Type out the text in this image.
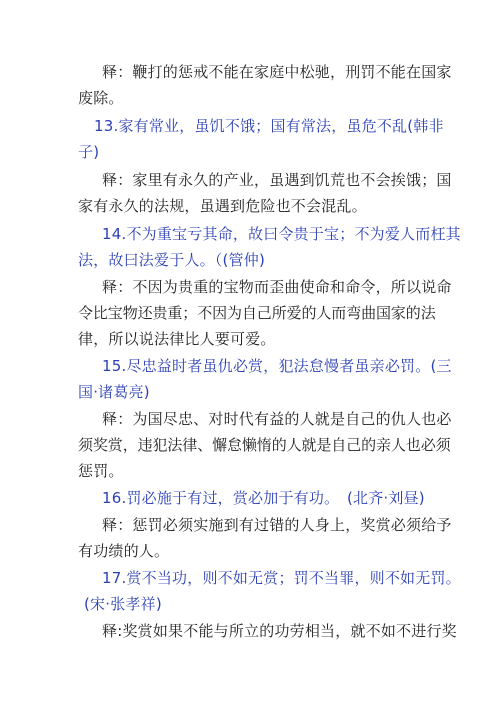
释：鞭打的惩戒不能在家庭中松驰，刑罚不能在国家
废除。
13.家有常业，虽饥不饿；国有常法，虽危不乱(韩非
子)
释：家里有永久的产业，虽遇到饥荒也不会挨饿；国
家有永久的法规，虽遇到危险也不会混乱。
14.不为重宝亏其命，故曰令贵于宝；不为爱人而枉其
法，故曰法爱于人。（(管仲)
释：不因为贵重的宝物而歪曲使命和命令，所以说命
令比宝物还贵重；不因为自己所爱的人而弯曲国家的法
律，所以说法律比人要可爱。
15.尽忠益时者虽仇必赏，犯法怠慢者虽亲必罚。(三
国·诸葛亮)
释：为国尽忠、对时代有益的人就是自己的仇人也必
须奖赏，违犯法律、懈怠懒惰的人就是自己的亲人也必须
惩罚。
16.罚必施于有过，赏必加于有功。　(北齐·刘昼)
释：惩罚必须实施到有过错的人身上，奖赏必须给予
有功绩的人。
17.赏不当功，则不如无赏；罚不当罪，则不如无罚。
(宋·张孝祥)
释:奖赏如果不能与所立的功劳相当，就不如不进行奖
